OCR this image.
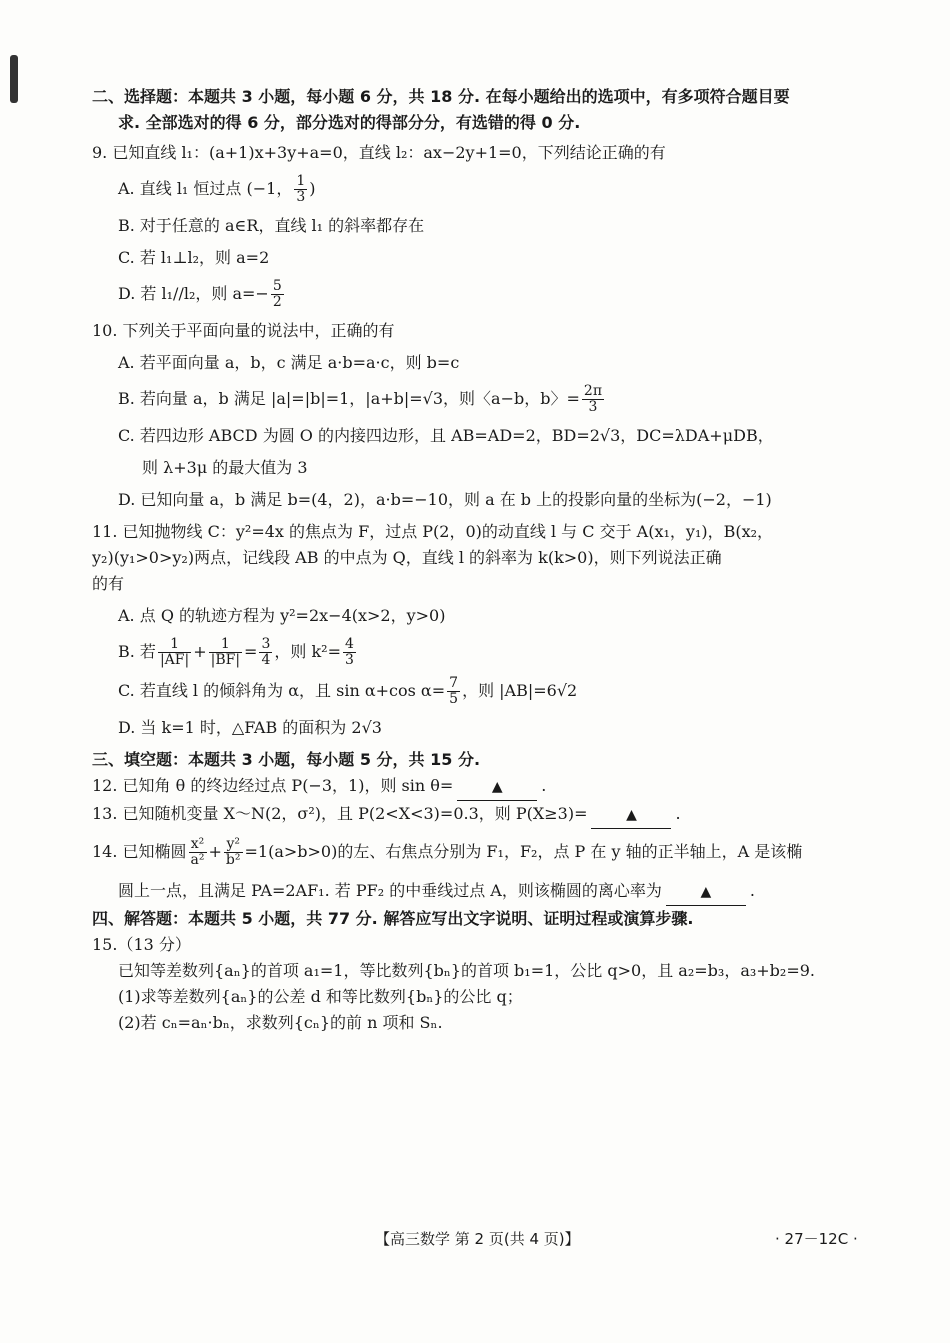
二、选择题：本题共 3 小题，每小题 6 分，共 18 分. 在每小题给出的选项中，有多项符合题目要
求. 全部选对的得 6 分，部分选对的得部分分，有选错的得 0 分.
9. 已知直线 l₁：(a+1)x+3y+a=0，直线 l₂：ax−2y+1=0，下列结论正确的有
A. 直线 l₁ 恒过点 (−1， $\frac{1}{3}$ )
B. 对于任意的 a∈R，直线 l₁ 的斜率都存在
C. 若 l₁⊥l₂，则 a=2
D. 若 l₁//l₂，则 $a=- \frac{5}{2}$
10. 下列关于平面向量的说法中，正确的有
A. 若平面向量 a，b，c 满足 a·b=a·c，则 b=c
B. 若向量 a，b 满足 |a|=|b|=1，|a+b|=√3，则〈a−b，b〉= $\frac{2\pi}{3}$
C. 若四边形 ABCD 为圆 O 的内接四边形，且 AB=AD=2，BD=2√3，DC=λDA+μDB，
则 λ+3μ 的最大值为 3
D. 已知向量 a，b 满足 b=(4，2)，a·b=−10，则 a 在 b 上的投影向量的坐标为(−2，−1)
11. 已知抛物线 C：y²=4x 的焦点为 F，过点 P(2，0)的动直线 l 与 C 交于 A(x₁，y₁)，B(x₂，
y₂)(y₁>0>y₂)两点，记线段 AB 的中点为 Q，直线 l 的斜率为 k(k>0)，则下列说法正确
的有
A. 点 Q 的轨迹方程为 y²=2x−4(x>2，y>0)
B. 若 $\frac{1}{|AF|} + \frac{1}{|BF|} = \frac{3}{4}$ ，则 $k^2= \frac{4}{3}$
C. 若直线 l 的倾斜角为 α，且 sin α+cos $\alpha= \frac{7}{5}$ ，则 |AB|=6√2
D. 当 k=1 时，△FAB 的面积为 2√3
三、填空题：本题共 3 小题，每小题 5 分，共 15 分.
12. 已知角 θ 的终边经过点 P(−3，1)，则 sin θ=	▲ .
13. 已知随机变量 X～N(2，σ²)，且 P(2<X<3)=0.3，则 P(X≥3)=	▲ .
14. 已知椭圆 $\frac{\text{x²}}{\text{a²}} + \frac{\text{y²}}{\text{b²}} =1(a>b>0)$的左、右焦点分别为 F₁，F₂，点 P 在 y 轴的正半轴上，A 是该椭
圆上一点，且满足 PA=2AF₁. 若 PF₂ 的中垂线过点 A，则该椭圆的离心率为	▲ .
四、解答题：本题共 5 小题，共 77 分. 解答应写出文字说明、证明过程或演算步骤.
15.（13 分）
已知等差数列{aₙ}的首项 a₁=1，等比数列{bₙ}的首项 b₁=1，公比 q>0，且 a₂=b₃，a₃+b₂=9.
(1)求等差数列{aₙ}的公差 d 和等比数列{bₙ}的公比 q；
(2)若 cₙ=aₙ·bₙ，求数列{cₙ}的前 n 项和 Sₙ.
【高三数学 第 2 页(共 4 页)】	· 27－12C ·
